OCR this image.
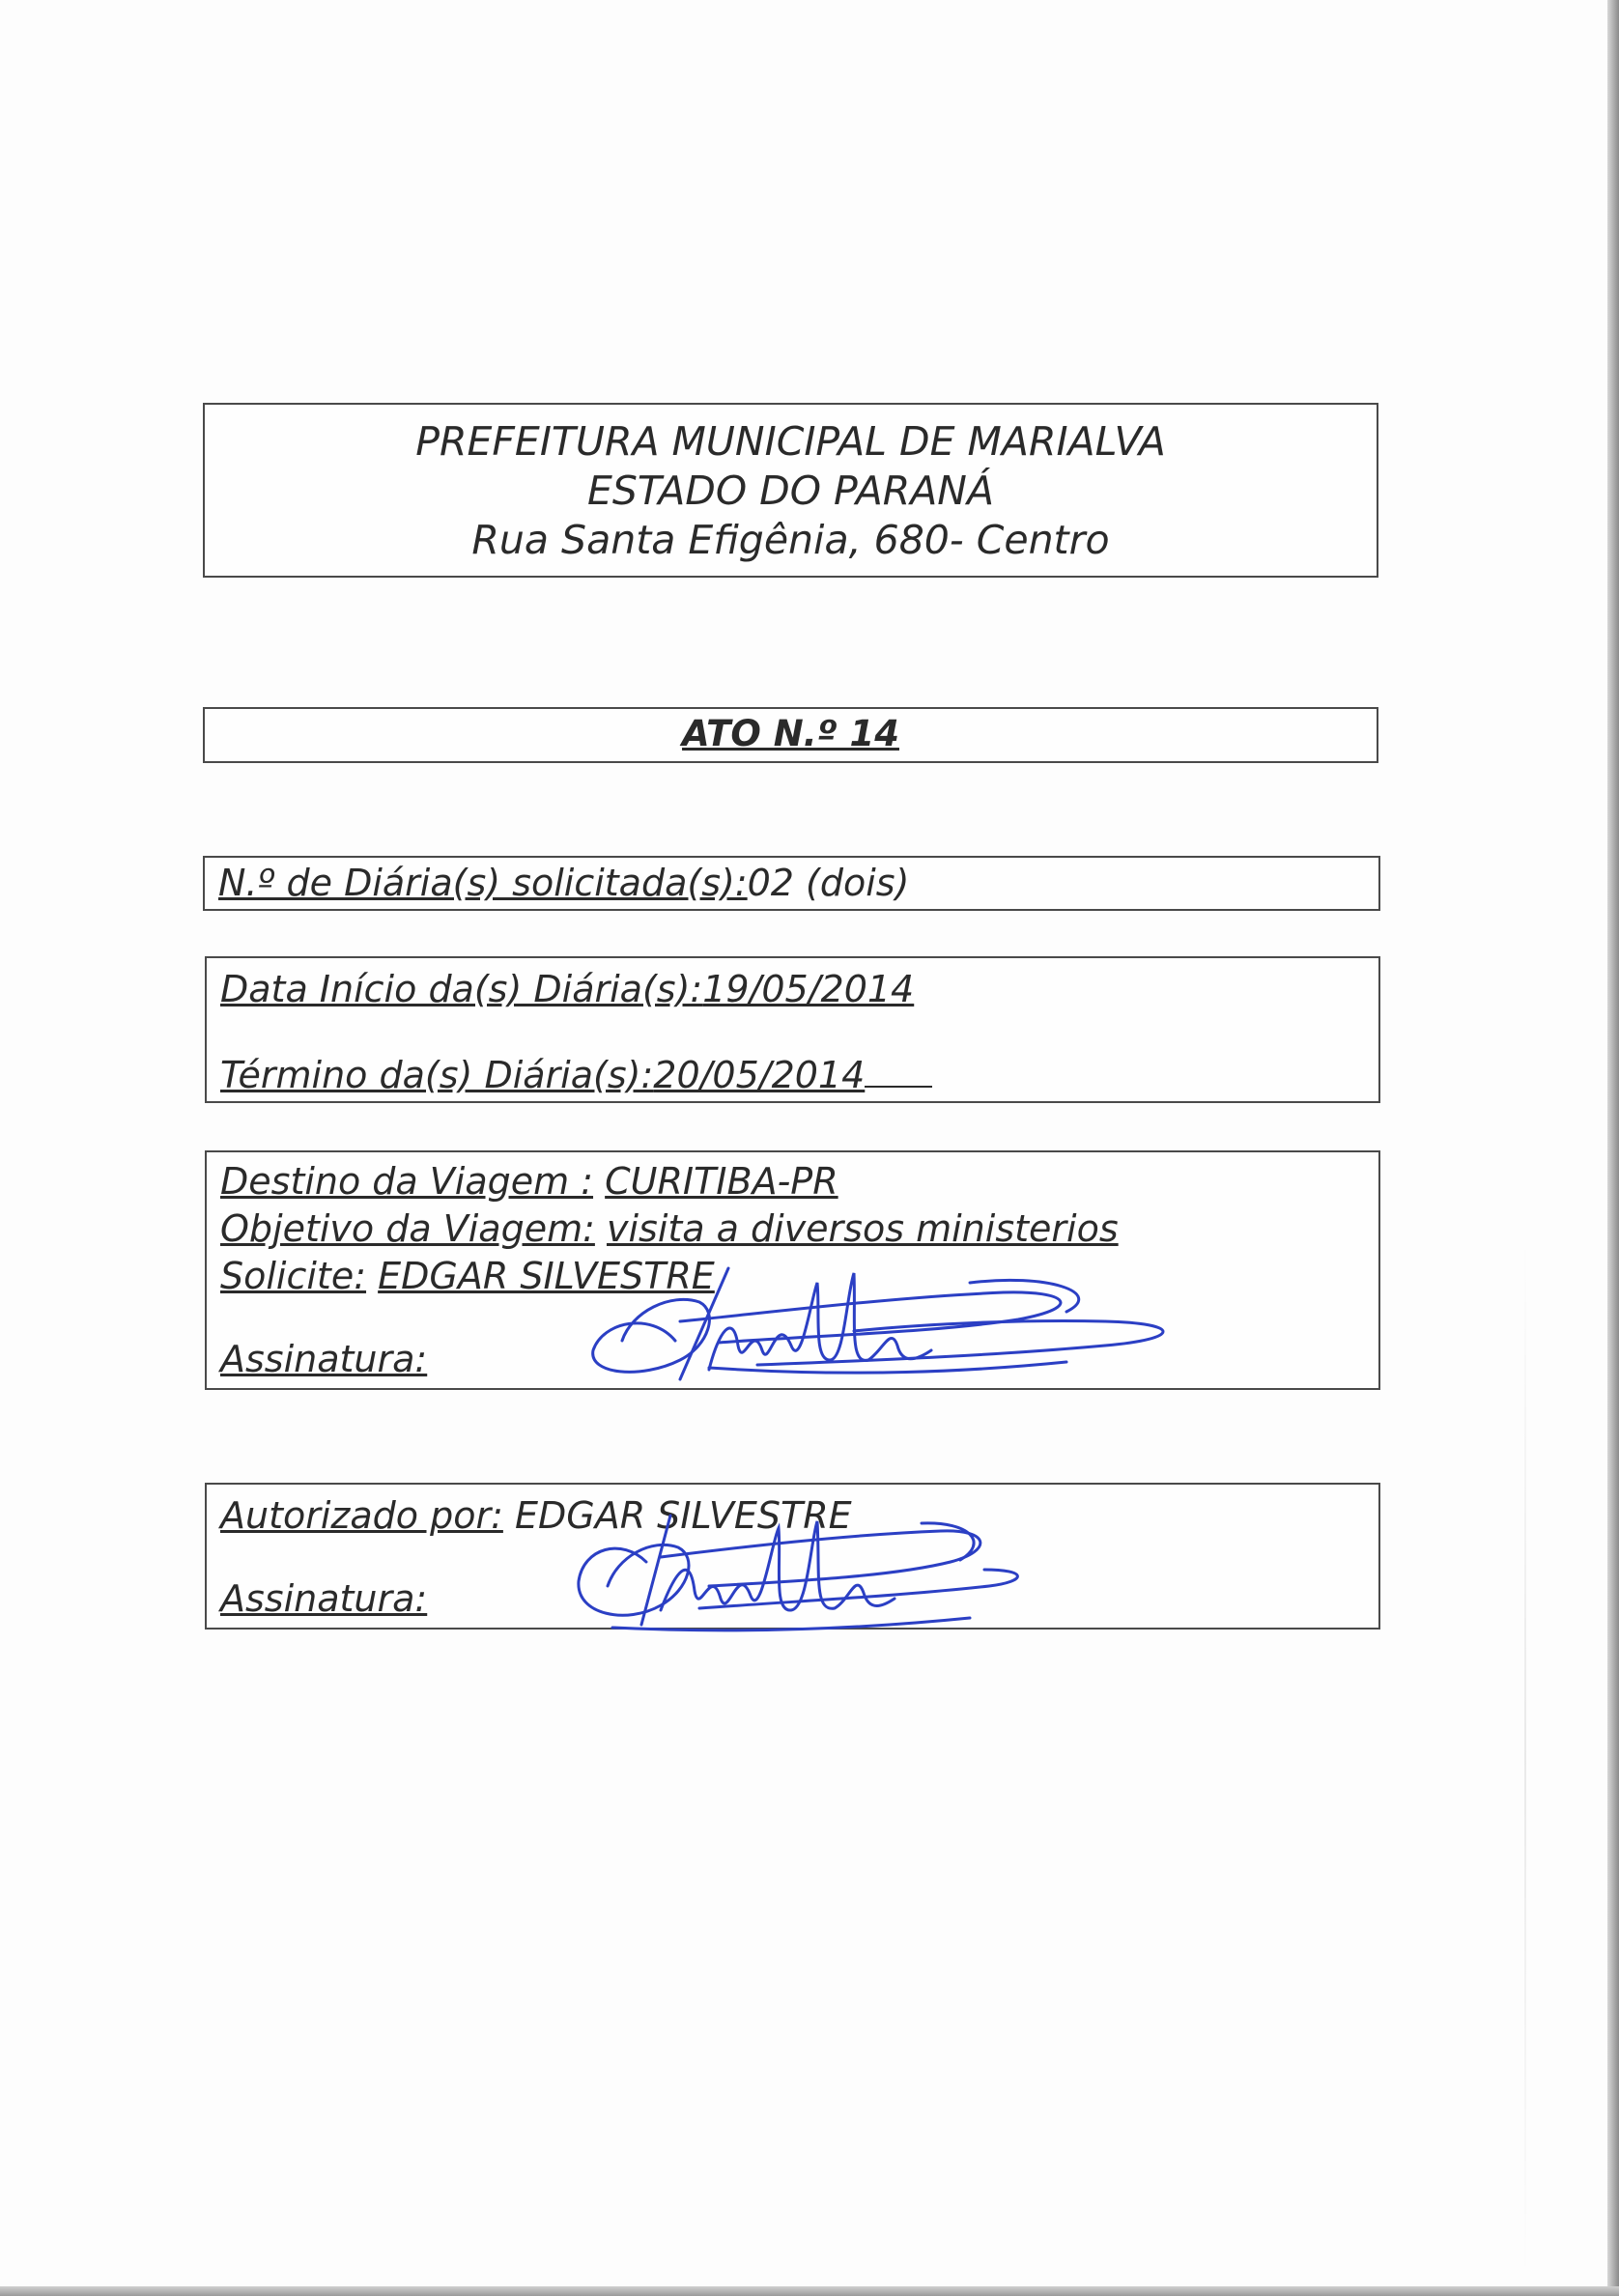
PREFEITURA MUNICIPAL DE MARIALVA
ESTADO DO PARANÁ
Rua Santa Efigênia, 680- Centro
ATO N.º 14
N.º de Diária(s) solicitada(s):02 (dois)
Data Início da(s) Diária(s):19/05/2014
Término da(s) Diária(s):20/05/2014
Destino da Viagem : CURITIBA-PR
Objetivo da Viagem: visita a diversos ministerios
Solicite: EDGAR SILVESTRE
Assinatura:
Autorizado por: EDGAR SILVESTRE
Assinatura:
